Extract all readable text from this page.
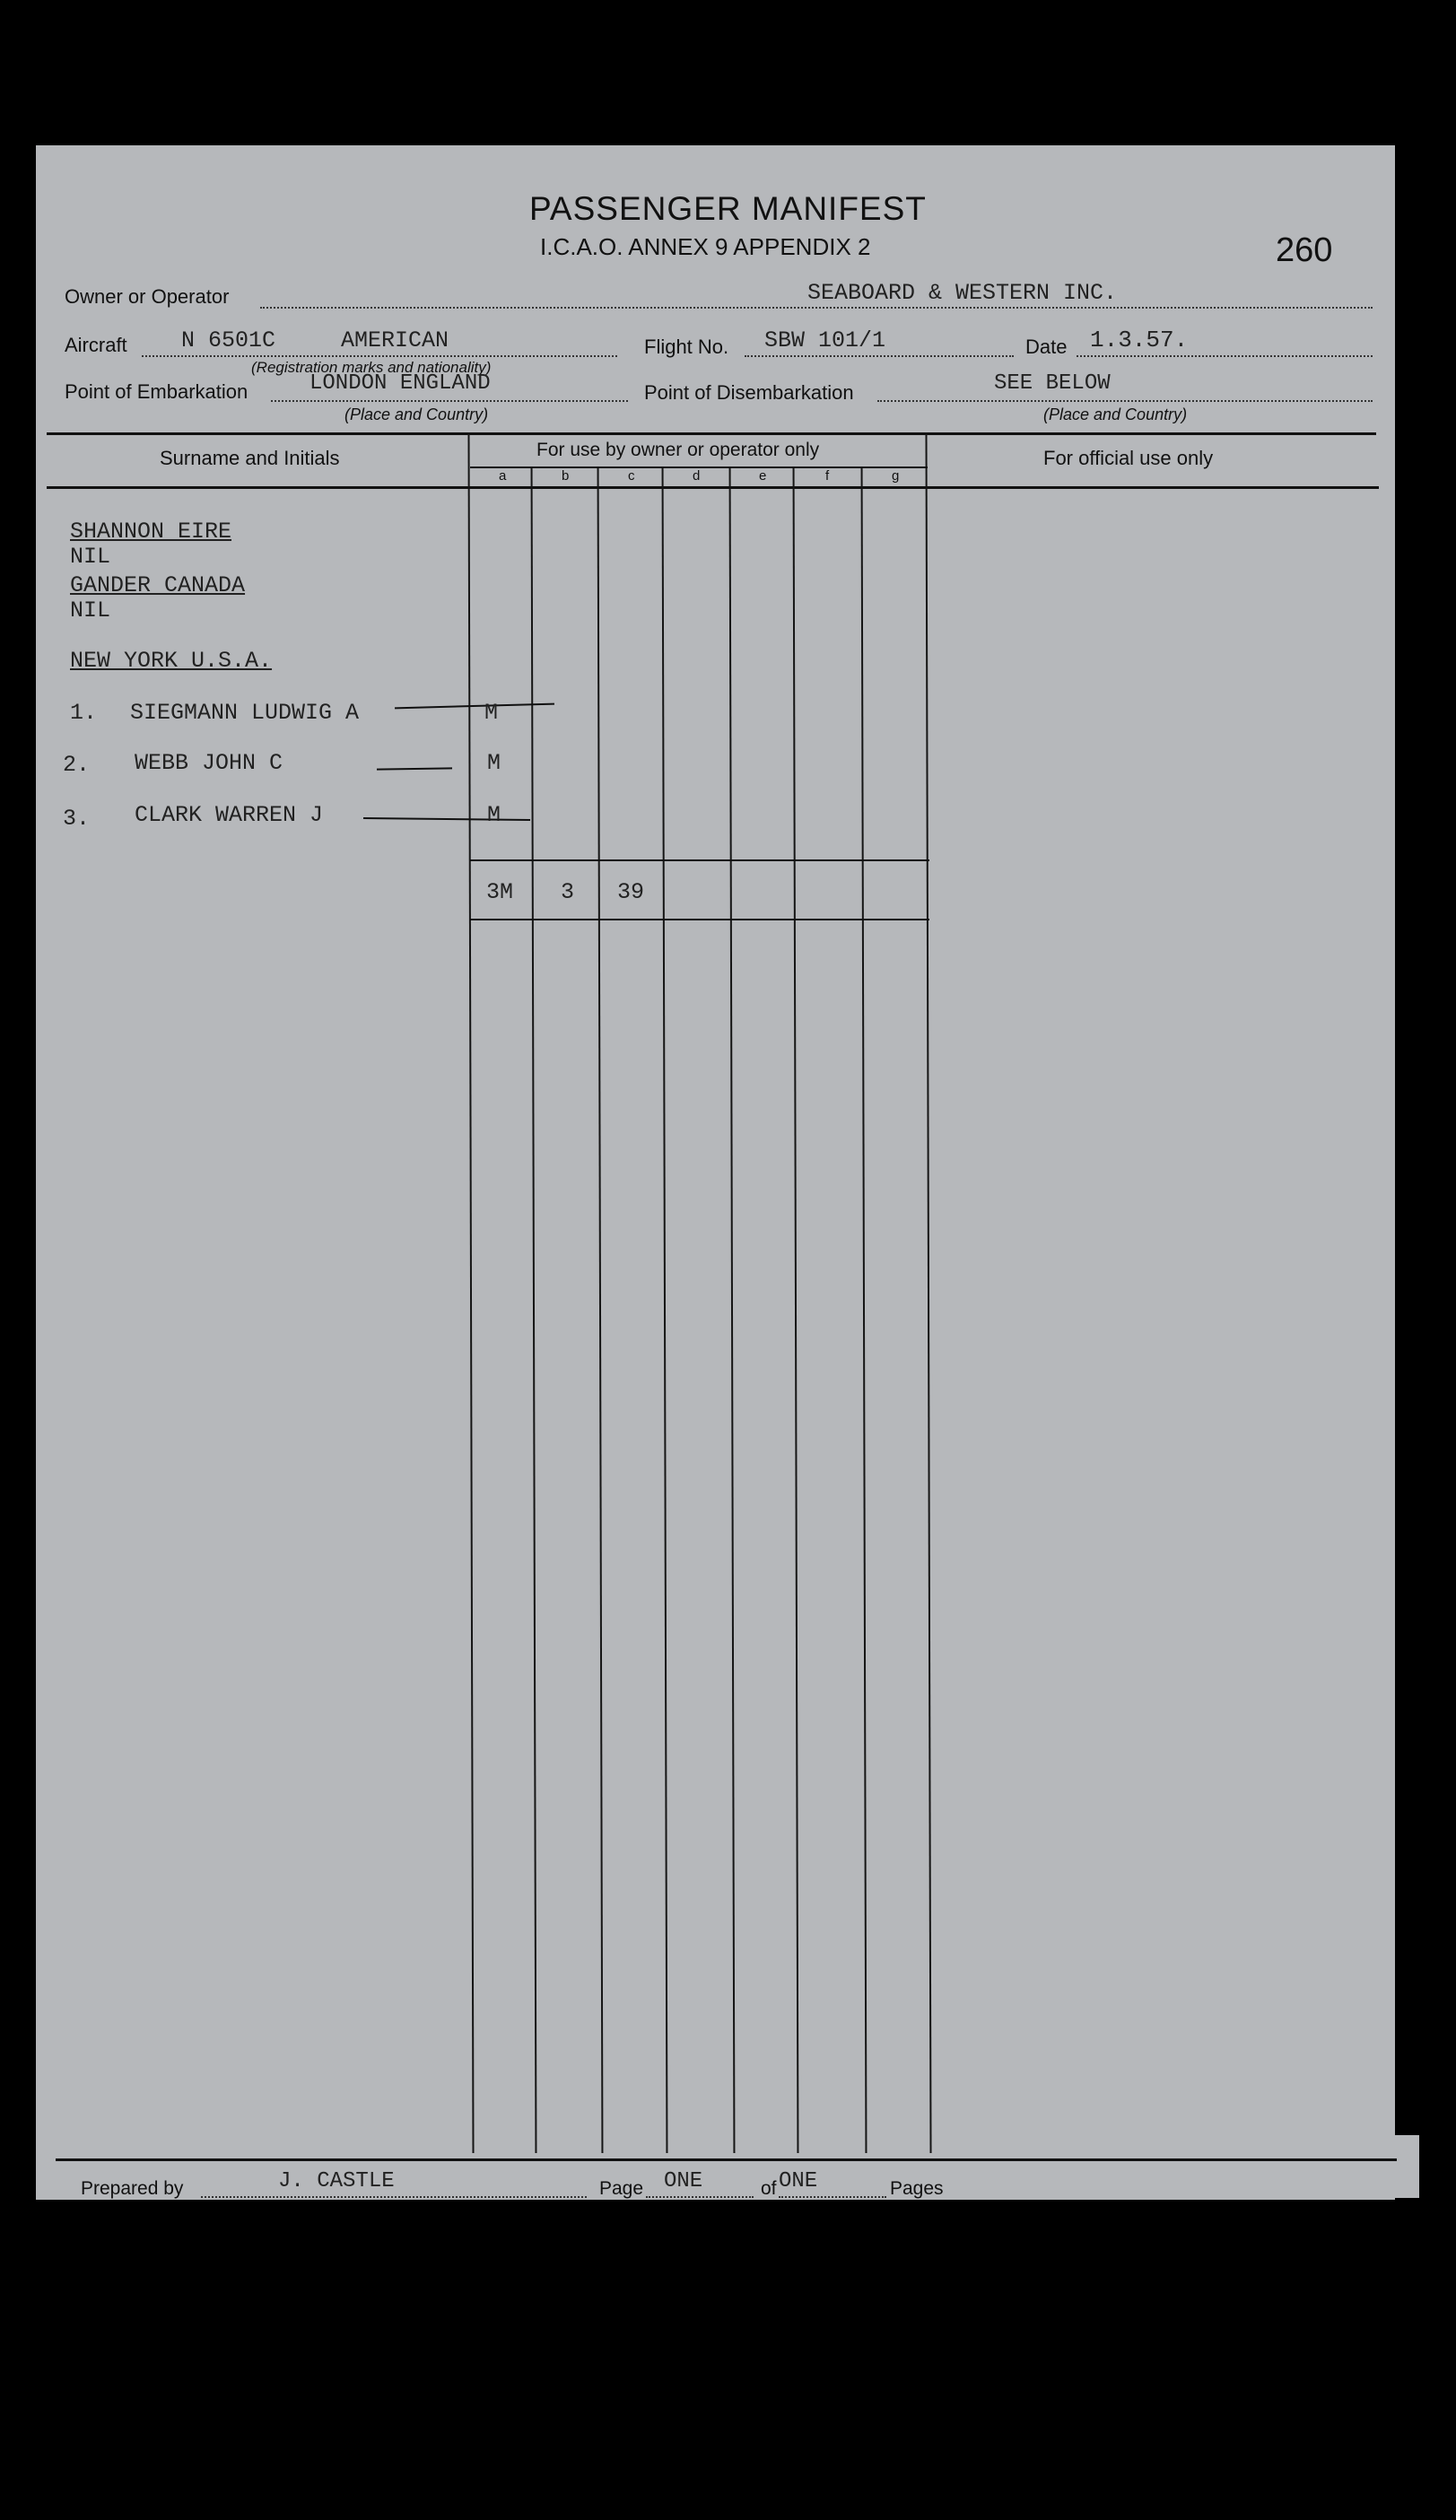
PASSENGER MANIFEST
I.C.A.O. ANNEX 9 APPENDIX 2	260
Owner or Operator	SEABOARD & WESTERN INC.
Aircraft N 6501C	AMERICAN
(Registration marks and nationality)
Flight No. SBW 101/1	Date 1.3.57.
Point of Embarkation	LONDON ENGLAND
(Place and Country)
Point of Disembarkation	SEE BELOW
(Place and Country)
Surname and Initials	For use by owner or operator only	For official use only
a	b	c	d	e	f	g
SHANNON EIRE
NIL
GANDER CANADA
NIL
NEW YORK U.S.A.
1. SIEGMANN LUDWIG A	M
2. WEBB JOHN C	M
3. CLARK WARREN J	M
3M 3 39
Prepared by	J. CASTLE	Page ONE	of ONE	Pages
